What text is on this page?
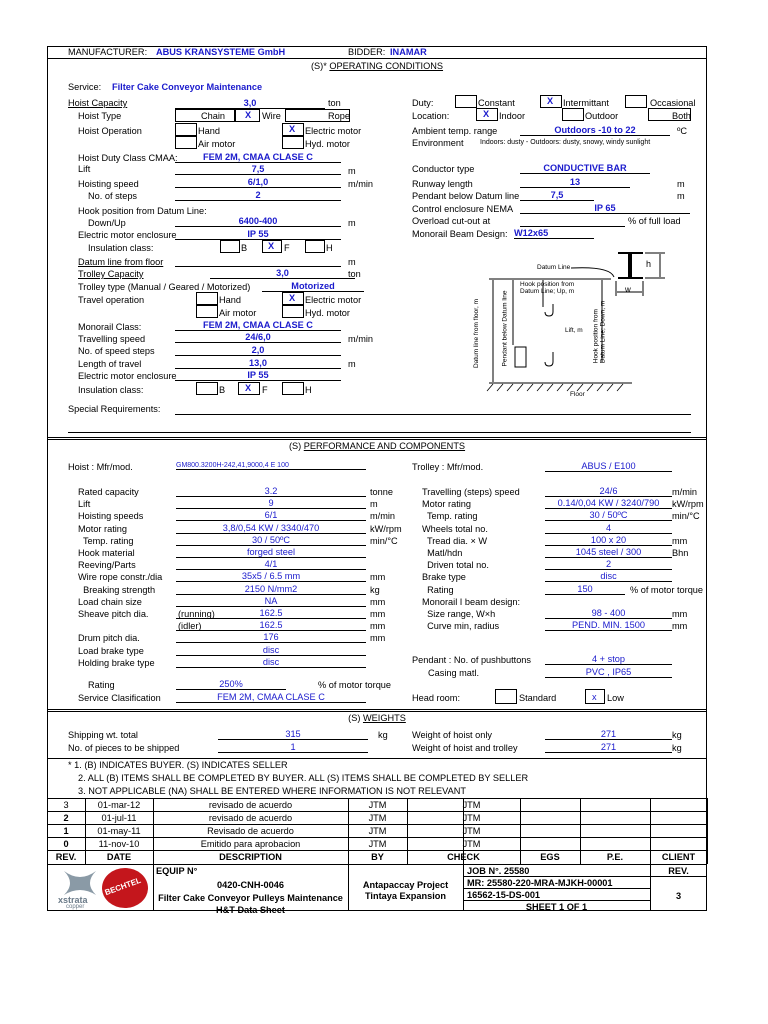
MANUFACTURER: ABUS KRANSYSTEME GmbH	BIDDER: INAMAR
(S)* OPERATING CONDITIONS
Service: Filter Cake Conveyor Maintenance
Hoist Capacity	3,0	ton
Hoist Type	Chain X Wire	Rope
Hoist Operation	Hand	X Electric motor
Air motor	Hyd. motor
Hoist Duty Class CMAA:	FEM 2M, CMAA CLASE C
Lift	7,5	m
Hoisting speed	6/1,0	m/min
No. of steps	2
Hook position from Datum Line:
Down/Up	6400-400	m
Electric motor enclosure	IP 55
Insulation class:	B X F	H
Datum line from floor	m
Trolley Capacity	3,0	ton
Trolley type (Manual / Geared / Motorized)	Motorized
Travel operation	Hand	X Electric motor
Air motor	Hyd. motor
Monorail Class:	FEM 2M, CMAA CLASE C
Travelling speed	24/6,0	m/min
No. of speed steps	2,0
Length of travel	13,0	m
Electric motor enclosure	IP 55
Insulation class:	B X F	H
Special Requirements:
Duty:	Constant	X Intermittant	Occasional
Location:	X Indoor	Outdoor	Both
Ambient temp. range	Outdoors -10 to 22	ºC
Environment Indoors: dusty - Outdoors: dusty, snowy, windy sunlight
Conductor type	CONDUCTIVE BAR
Runway length	13	m
Pendant below Datum line	7,5	m
Control enclosure NEMA	IP 65
Overload cut-out at	% of full load
Monorail Beam Design: W12x65
Datum Line
Hook position from
Datum Line; Up, m
Lift, m
Floor
h
w
Datum line from floor, m	Pendant below Datum line	Hook position from
Datum Line; Down, m
(S) PERFORMANCE AND COMPONENTS
Hoist : Mfr/mod.	GM800.3200H-242,41,9000,4 E 100	Trolley : Mfr/mod.	ABUS / E100
Rated capacity	3.2	tonne
Lift	9	m
Hoisting speeds	6/1	m/min
Motor rating	3,8/0,54 KW / 3340/470	kW/rpm
Temp. rating	30 / 50ºC	min/°C
Hook material	forged steel
Reeving/Parts	4/1
Wire rope constr./dia	35x5 / 6.5 mm	mm
Breaking strength	2150 N/mm2	kg
Load chain size	NA	mm
Sheave pitch dia.	(running)	162.5	mm
(idler)	162.5	mm
Drum pitch dia.	176	mm
Load brake type	disc
Holding brake type	disc
Travelling (steps) speed	24/6	m/min
Motor rating	0.14/0,04 KW / 3240/790	kW/rpm
Temp. rating	30 / 50ºC	min/°C
Wheels total no.	4
Tread dia. × W	100 x 20	mm
Matl/hdn	1045 steel / 300	Bhn
Driven total no.	2
Brake type	disc
Rating	150	% of motor torque
Monorail I beam design:
Size range, W×h	98 - 400	mm
Curve min, radius	PEND. MIN. 1500	mm
Rating	250%	% of motor torque
Service Clasification	FEM 2M, CMAA CLASE C
Pendant : No. of pushbuttons	4 + stop
Casing matl.	PVC , IP65
Head room:	Standard	x Low
(S) WEIGHTS
Shipping wt. total	315	kg
No. of pieces to be shipped	1
Weight of hoist only	271	kg
Weight of hoist and trolley	271	kg
* 1. (B) INDICATES BUYER. (S) INDICATES SELLER
2. ALL (B) ITEMS SHALL BE COMPLETED BY BUYER. ALL (S) ITEMS SHALL BE COMPLETED BY SELLER
3. NOT APPLICABLE (NA) SHALL BE ENTERED WHERE INFORMATION IS NOT RELEVANT
3	01-mar-12	revisado de acuerdo	JTM	JTM
2	01-jul-11	revisado de acuerdo	JTM	JTM
1	01-may-11	Revisado de acuerdo	JTM	JTM
0	11-nov-10	Emitido para aprobacion	JTM	JTM
REV.	DATE	DESCRIPTION	BY	CHECK	EGS	P.E.	CLIENT
xstrata
copper
BECHTEL
EQUIP N°
0420-CNH-0046
Filter Cake Conveyor Pulleys Maintenance
H&T Data Sheet
Antapaccay Project
Tintaya Expansion
JOB N°. 25580
MR: 25580-220-MRA-MJKH-00001
16562-15-DS-001
SHEET 1 OF 1
REV.
3
